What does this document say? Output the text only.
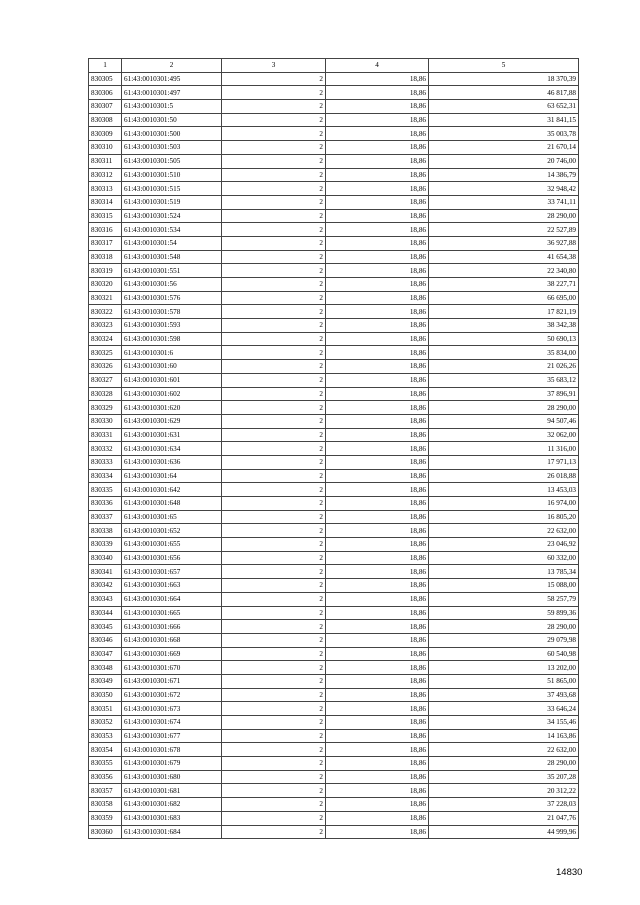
1	2	3	4	5
830305	61:43:0010301:495	2	18,86	18 370,39
830306	61:43:0010301:497	2	18,86	46 817,88
830307	61:43:0010301:5	2	18,86	63 652,31
830308	61:43:0010301:50	2	18,86	31 841,15
830309	61:43:0010301:500	2	18,86	35 003,78
830310	61:43:0010301:503	2	18,86	21 670,14
830311	61:43:0010301:505	2	18,86	20 746,00
830312	61:43:0010301:510	2	18,86	14 386,79
830313	61:43:0010301:515	2	18,86	32 948,42
830314	61:43:0010301:519	2	18,86	33 741,11
830315	61:43:0010301:524	2	18,86	28 290,00
830316	61:43:0010301:534	2	18,86	22 527,89
830317	61:43:0010301:54	2	18,86	36 927,88
830318	61:43:0010301:548	2	18,86	41 654,38
830319	61:43:0010301:551	2	18,86	22 340,80
830320	61:43:0010301:56	2	18,86	38 227,71
830321	61:43:0010301:576	2	18,86	66 695,00
830322	61:43:0010301:578	2	18,86	17 821,19
830323	61:43:0010301:593	2	18,86	38 342,38
830324	61:43:0010301:598	2	18,86	50 690,13
830325	61:43:0010301:6	2	18,86	35 834,00
830326	61:43:0010301:60	2	18,86	21 026,26
830327	61:43:0010301:601	2	18,86	35 683,12
830328	61:43:0010301:602	2	18,86	37 896,91
830329	61:43:0010301:620	2	18,86	28 290,00
830330	61:43:0010301:629	2	18,86	94 507,46
830331	61:43:0010301:631	2	18,86	32 062,00
830332	61:43:0010301:634	2	18,86	11 316,00
830333	61:43:0010301:636	2	18,86	17 971,13
830334	61:43:0010301:64	2	18,86	26 018,88
830335	61:43:0010301:642	2	18,86	13 453,03
830336	61:43:0010301:648	2	18,86	16 974,00
830337	61:43:0010301:65	2	18,86	16 805,20
830338	61:43:0010301:652	2	18,86	22 632,00
830339	61:43:0010301:655	2	18,86	23 046,92
830340	61:43:0010301:656	2	18,86	60 332,00
830341	61:43:0010301:657	2	18,86	13 785,34
830342	61:43:0010301:663	2	18,86	15 088,00
830343	61:43:0010301:664	2	18,86	58 257,79
830344	61:43:0010301:665	2	18,86	59 899,36
830345	61:43:0010301:666	2	18,86	28 290,00
830346	61:43:0010301:668	2	18,86	29 079,98
830347	61:43:0010301:669	2	18,86	60 540,98
830348	61:43:0010301:670	2	18,86	13 202,00
830349	61:43:0010301:671	2	18,86	51 865,00
830350	61:43:0010301:672	2	18,86	37 493,68
830351	61:43:0010301:673	2	18,86	33 646,24
830352	61:43:0010301:674	2	18,86	34 155,46
830353	61:43:0010301:677	2	18,86	14 163,86
830354	61:43:0010301:678	2	18,86	22 632,00
830355	61:43:0010301:679	2	18,86	28 290,00
830356	61:43:0010301:680	2	18,86	35 207,28
830357	61:43:0010301:681	2	18,86	20 312,22
830358	61:43:0010301:682	2	18,86	37 228,03
830359	61:43:0010301:683	2	18,86	21 047,76
830360	61:43:0010301:684	2	18,86	44 999,96
14830
